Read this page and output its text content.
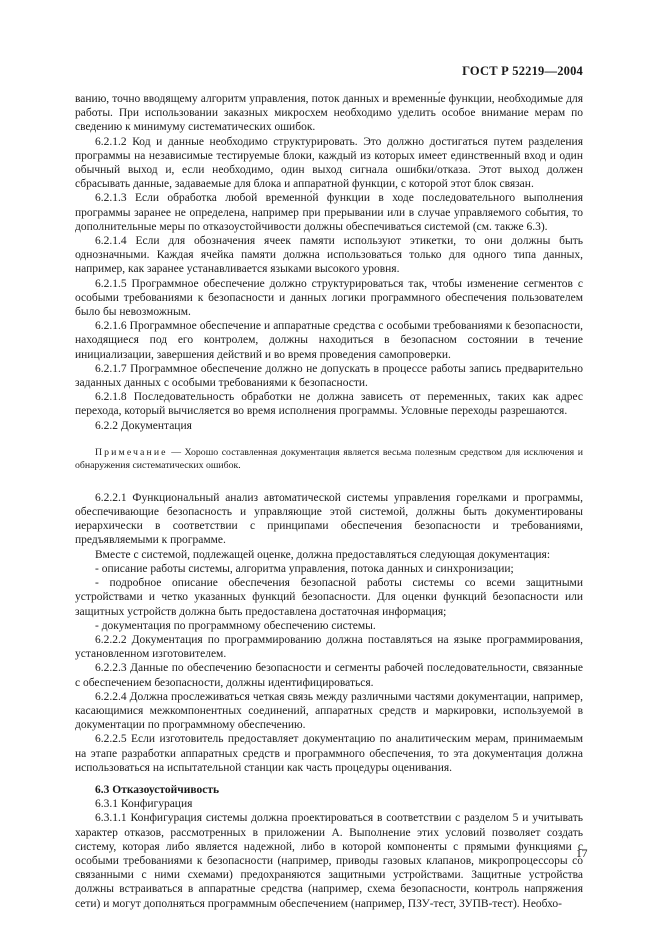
ГОСТ Р 52219—2004

ванию, точно вводящему алгоритм управления, поток данных и временны́е функции, необходимые для работы. При использовании заказных микросхем необходимо уделить особое внимание мерам по сведению к минимуму систематических ошибок.

6.2.1.2 Код и данные необходимо структурировать. Это должно достигаться путем разделения программы на независимые тестируемые блоки, каждый из которых имеет единственный вход и один обычный выход и, если необходимо, один выход сигнала ошибки/отказа. Этот выход должен сбрасывать данные, задаваемые для блока и аппаратной функции, с которой этот блок связан.

6.2.1.3 Если обработка любой временно́й функции в ходе последовательного выполнения программы заранее не определена, например при прерывании или в случае управляемого события, то дополнительные меры по отказоустойчивости должны обеспечиваться системой (см. также 6.3).

6.2.1.4 Если для обозначения ячеек памяти используют этикетки, то они должны быть однозначными. Каждая ячейка памяти должна использоваться только для одного типа данных, например, как заранее устанавливается языками высокого уровня.

6.2.1.5 Программное обеспечение должно структурироваться так, чтобы изменение сегментов с особыми требованиями к безопасности и данных логики программного обеспечения пользователем было бы невозможным.

6.2.1.6 Программное обеспечение и аппаратные средства с особыми требованиями к безопасности, находящиеся под его контролем, должны находиться в безопасном состоянии в течение инициализации, завершения действий и во время проведения самопроверки.

6.2.1.7 Программное обеспечение должно не допускать в процессе работы запись предварительно заданных данных с особыми требованиями к безопасности.

6.2.1.8 Последовательность обработки не должна зависеть от переменных, таких как адрес перехода, который вычисляется во время исполнения программы. Условные переходы разрешаются.

6.2.2 Документация

Примечание — Хорошо составленная документация является весьма полезным средством для исключения и обнаружения систематических ошибок.

6.2.2.1 Функциональный анализ автоматической системы управления горелками и программы, обеспечивающие безопасность и управляющие этой системой, должны быть документированы иерархически в соответствии с принципами обеспечения безопасности и требованиями, предъявляемыми к программе.

Вместе с системой, подлежащей оценке, должна предоставляться следующая документация:

- описание работы системы, алгоритма управления, потока данных и синхронизации;

- подробное описание обеспечения безопасной работы системы со всеми защитными устройствами и четко указанных функций безопасности. Для оценки функций безопасности или защитных устройств должна быть предоставлена достаточная информация;

- документация по программному обеспечению системы.

6.2.2.2 Документация по программированию должна поставляться на языке программирования, установленном изготовителем.

6.2.2.3 Данные по обеспечению безопасности и сегменты рабочей последовательности, связанные с обеспечением безопасности, должны идентифицироваться.

6.2.2.4 Должна прослеживаться четкая связь между различными частями документации, например, касающимися межкомпонентных соединений, аппаратных средств и маркировки, используемой в документации по программному обеспечению.

6.2.2.5 Если изготовитель предоставляет документацию по аналитическим мерам, принимаемым на этапе разработки аппаратных средств и программного обеспечения, то эта документация должна использоваться на испытательной станции как часть процедуры оценивания.

6.3 Отказоустойчивость

6.3.1 Конфигурация

6.3.1.1 Конфигурация системы должна проектироваться в соответствии с разделом 5 и учитывать характер отказов, рассмотренных в приложении А. Выполнение этих условий позволяет создать систему, которая либо является надежной, либо в которой компоненты с прямыми функциями с особыми требованиями к безопасности (например, приводы газовых клапанов, микропроцессоры со связанными с ними схемами) предохраняются защитными устройствами. Защитные устройства должны встраиваться в аппаратные средства (например, схема безопасности, контроль напряжения сети) и могут дополняться программным обеспечением (например, ПЗУ-тест, ЗУПВ-тест). Необхо-

17
